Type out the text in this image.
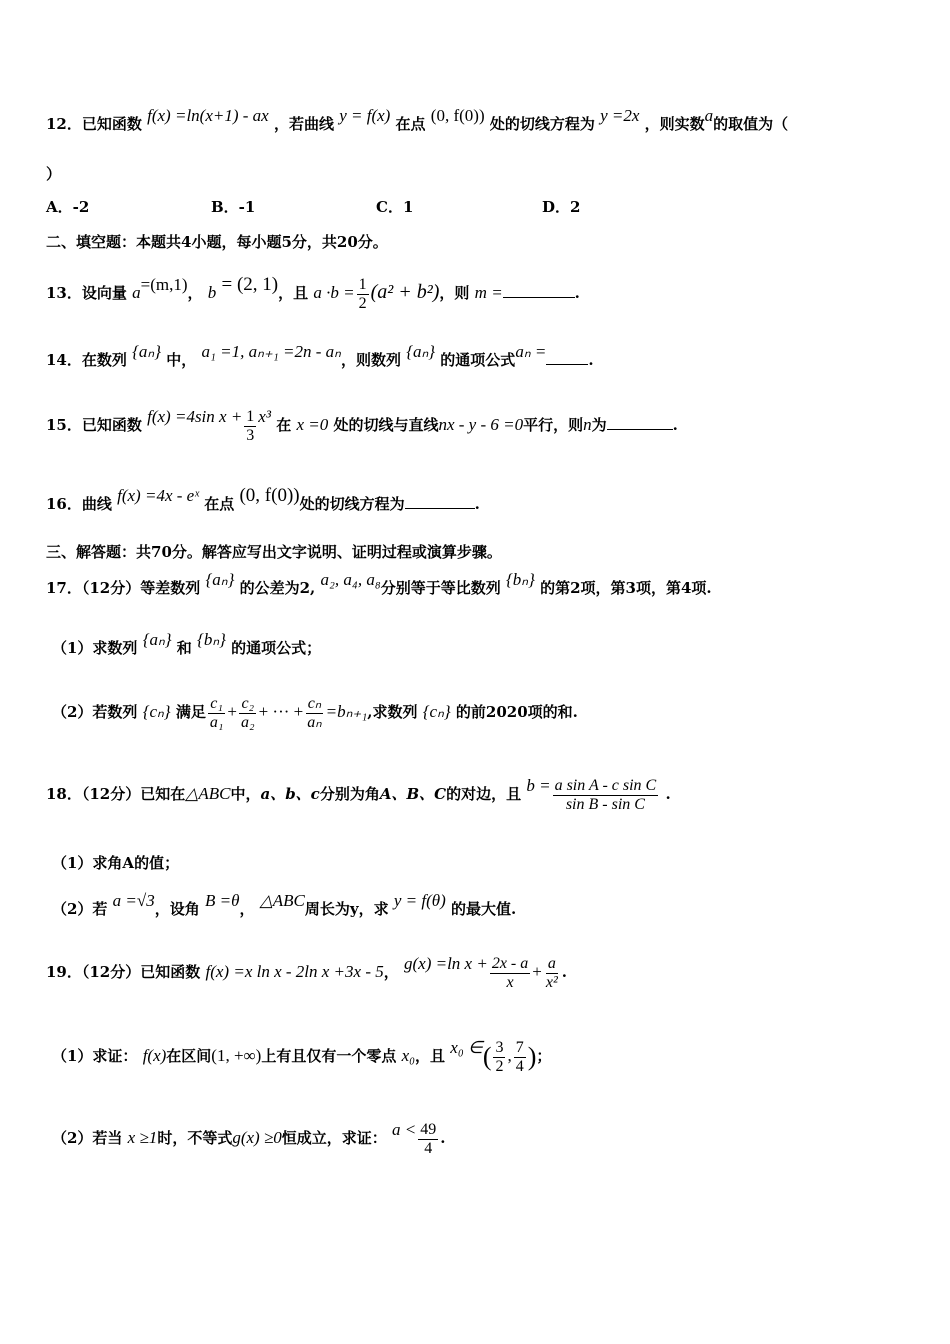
12．已知函数 f(x) =ln(x+1) - ax ，若曲线 y = f(x) 在点 (0, f(0)) 处的切线方程为 y =2x ，则实数a的取值为（
）
A．-2	B．-1	C．1	D．2
二、填空题：本题共4小题，每小题5分，共20分。
13．设向量 a=(m,1)， b = (2, 1)，且 $a \cdot b = \frac{1}{2} (a^2 + b^2)$，则 m =	.
14．在数列 {aₙ} 中， a₁ =1, aₙ₊₁ =2n - aₙ，则数列 {aₙ} 的通项公式aₙ =	.
15．已知函数 f(x) =4sin $x + \frac{1}{3} x^3$ 在 x =0 处的切线与直线nx - y - 6 =0平行，则n为	.
16．曲线 f(x) =4x - eˣ 在点 (0, f(0))处的切线方程为	.
三、解答题：共70分。解答应写出文字说明、证明过程或演算步骤。
17．（12分）等差数列 {aₙ} 的公差为2, a₂, a₄, a₈分别等于等比数列 {bₙ} 的第2项，第3项，第4项.
（1）求数列 {aₙ} 和 {bₙ} 的通项公式；
（2）若数列 {cₙ} 满足 $\frac{\text{c₁}}{\text{a₁}} + \frac{\text{c₂}}{\text{a₂}}$ + ··· + $\frac{\text{cₙ}}{\text{aₙ}} =b_{n+1}$,求数列 {cₙ} 的前2020项的和.
18．（12分）已知在△ABC中，a、b、c分别为角A、B、C的对边，且 $b = \frac{\text{a sin A - c sin C}}{\text{sin B - sin C}}$ .
（1）求角A的值；
（2）若 a =√3，设角 B =θ， △ABC周长为y，求 y = f(θ) 的最大值.
19．（12分）已知函数 f(x) =x ln x - 2ln x +3x - 5， g(x) =ln $x + \frac{2x - a}{x} + \frac{a}{\text{x²}}$ .
（1）求证： f(x)在区间(1, +∞)上有且仅有一个零点 x₀，且 x₀ ∈( $\frac{3}{2}$ , $\frac{7}{4}$ )；
（2）若当 x ≥1时，不等式g(x) ≥0恒成立，求证： $a < \frac{49}{4}$ .
